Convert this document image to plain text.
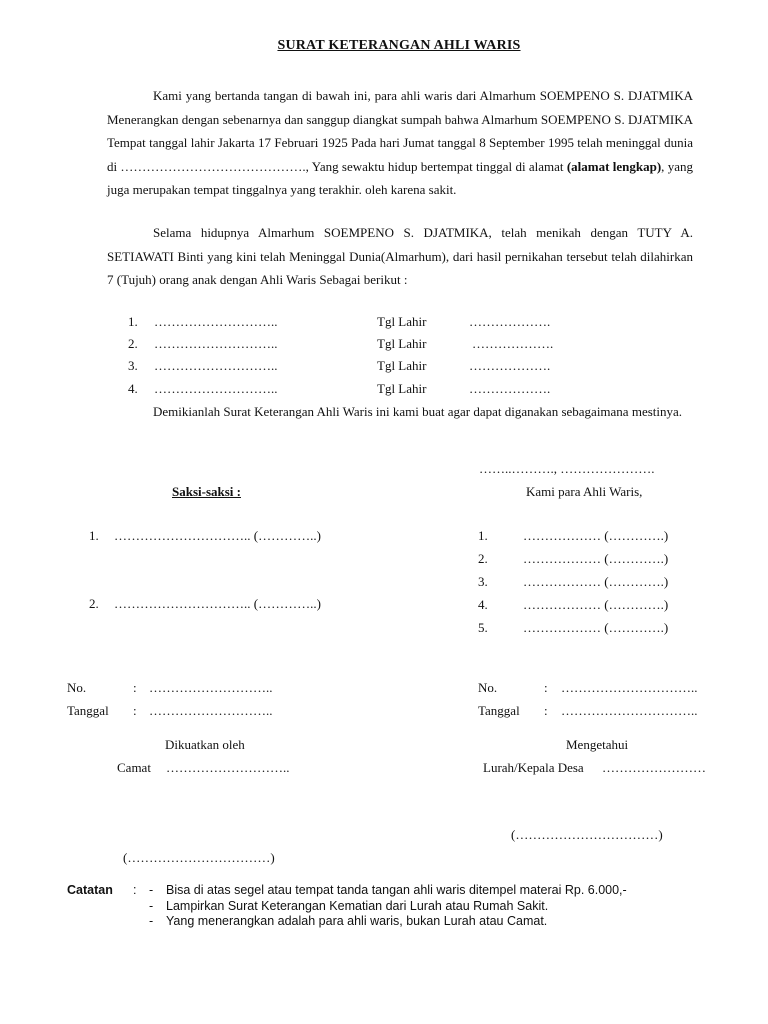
SURAT KETERANGAN AHLI WARIS
Kami yang bertanda tangan di bawah ini, para ahli waris dari Almarhum SOEMPENO S. DJATMIKA Menerangkan dengan sebenarnya dan sanggup diangkat sumpah bahwa Almarhum SOEMPENO S. DJATMIKA Tempat tanggal lahir Jakarta 17 Februari 1925 Pada hari Jumat tanggal 8 September 1995 telah meninggal dunia di ……………………………………., Yang sewaktu hidup bertempat tinggal di alamat (alamat lengkap), yang juga merupakan tempat tinggalnya yang terakhir. oleh karena sakit.
Selama hidupnya Almarhum SOEMPENO S. DJATMIKA, telah menikah dengan TUTY A. SETIAWATI Binti yang kini telah Meninggal Dunia(Almarhum), dari hasil pernikahan tersebut telah dilahirkan 7 (Tujuh) orang anak dengan Ahli Waris Sebagai berikut :
1. ………………………..	Tgl Lahir	……………….
2. ………………………..	Tgl Lahir	……………….
3. ………………………..	Tgl Lahir	……………….
4. ………………………..	Tgl Lahir	……………….
Demikianlah Surat Keterangan Ahli Waris ini kami buat agar dapat diganakan sebagaimana mestinya.
……..………., ………………….
Saksi-saksi :
1. ………………………….. (…………..)
2. ………………………….. (…………..)
Kami para Ahli Waris,
1.	……………… (………….)
2.	……………… (………….)
3.	……………… (………….)
4.	……………… (………….)
5.	……………… (………….)
No.	: ………………………..
Tanggal : ………………………..
Dikuatkan oleh
Camat ………………………..
(……………………………)
No.	: …………………………..
Tanggal : …………………………..
Mengetahui
Lurah/Kepala Desa ……………………
(……………………………)
Catatan : - Bisa di atas segel atau tempat tanda tangan ahli waris ditempel materai Rp. 6.000,-
- Lampirkan Surat Keterangan Kematian dari Lurah atau Rumah Sakit.
- Yang menerangkan adalah para ahli waris, bukan Lurah atau Camat.
